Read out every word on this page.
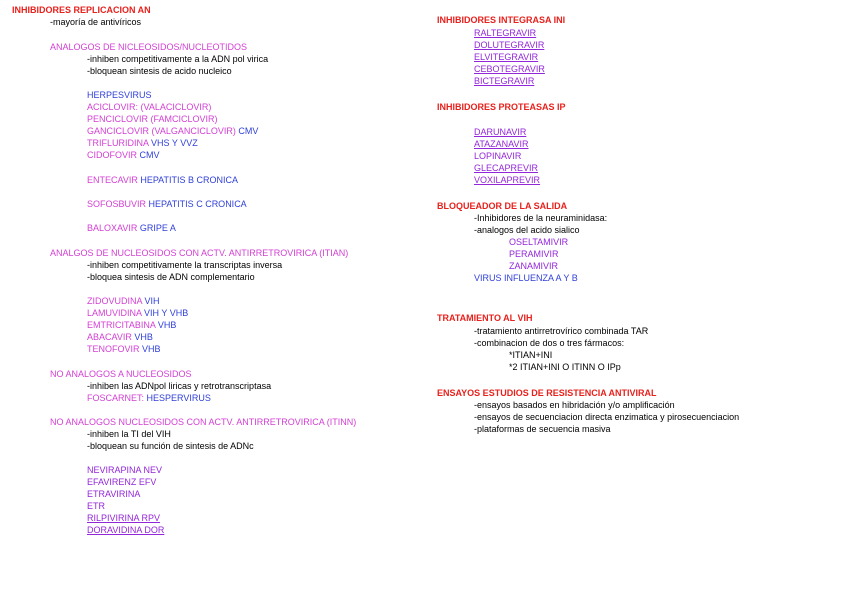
INHIBIDORES REPLICACION AN
-mayoría de antivíricos
ANALOGOS DE NICLEOSIDOS/NUCLEOTIDOS
-inhiben competitivamente a la ADN pol virica
-bloquean sintesis de acido nucleico
HERPESVIRUS
ACICLOVIR: (VALACICLOVIR)
PENCICLOVIR (FAMCICLOVIR)
GANCICLOVIR (VALGANCICLOVIR) CMV
TRIFLURIDINA VHS Y VVZ
CIDOFOVIR CMV
ENTECAVIR HEPATITIS B CRONICA
SOFOSBUVIR HEPATITIS C CRONICA
BALOXAVIR GRIPE A
ANALGOS DE NUCLEOSIDOS CON ACTV. ANTIRRETROVIRICA (ITIAN)
-inhiben competitivamente la transcriptas inversa
-bloquea sintesis de ADN complementario
ZIDOVUDINA VIH
LAMUVIDINA VIH Y VHB
EMTRICITABINA VHB
ABACAVIR VHB
TENOFOVIR VHB
NO ANALOGOS A NUCLEOSIDOS
-inhiben las ADNpol liricas y retrotranscriptasa
FOSCARNET: HESPERVIRUS
NO ANALOGOS NUCLEOSIDOS CON ACTV. ANTIRRETROVIRICA (ITINN)
-inhiben la TI del VIH
-bloquean su función de sintesis de ADNc
NEVIRAPINA NEV
EFAVIRENZ EFV
ETRAVIRINA
ETR
RILPIVIRINA RPV
DORAVIDINA DOR
INHIBIDORES INTEGRASA INI
RALTEGRAVIR
DOLUTEGRAVIR
ELVITEGRAVIR
CEBOTEGRAVIR
BICTEGRAVIR
INHIBIDORES PROTEASAS IP
DARUNAVIR
ATAZANAVIR
LOPINAVIR
GLECAPREVIR
VOXILAPREVIR
BLOQUEADOR DE LA SALIDA
-Inhibidores de la neuraminidasa:
-analogos del acido sialico
OSELTAMIVIR
PERAMIVIR
ZANAMIVIR
VIRUS INFLUENZA A Y B
TRATAMIENTO AL VIH
-tratamiento antirretrovírico combinada TAR
-combinacion de dos o tres fármacos:
*ITIAN+INI
*2 ITIAN+INI O ITINN O IPp
ENSAYOS ESTUDIOS DE RESISTENCIA ANTIVIRAL
-ensayos basados en hibridación y/o amplificación
-ensayos de secuenciacion directa enzimatica y pirosecuenciacion
-plataformas de secuencia masiva
